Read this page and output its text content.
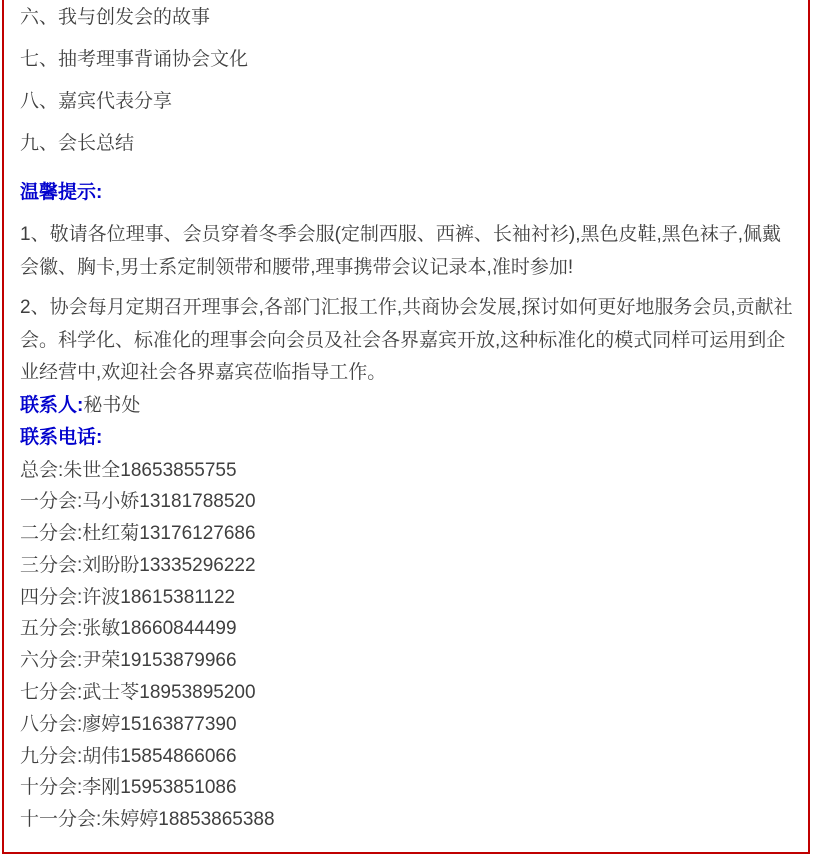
六、我与创发会的故事

七、抽考理事背诵协会文化

八、嘉宾代表分享

九、会长总结

温馨提示:

1、敬请各位理事、会员穿着冬季会服(定制西服、西裤、长袖衬衫),黑色皮鞋,黑色袜子,佩戴会徽、胸卡,男士系定制领带和腰带,理事携带会议记录本,准时参加!

2、协会每月定期召开理事会,各部门汇报工作,共商协会发展,探讨如何更好地服务会员,贡献社会。科学化、标准化的理事会向会员及社会各界嘉宾开放,这种标准化的模式同样可运用到企业经营中,欢迎社会各界嘉宾莅临指导工作。

联系人:秘书处

联系电话:

总会:朱世全18653855755

一分会:马小娇13181788520

二分会:杜红菊13176127686

三分会:刘盼盼13335296222

四分会:许波18615381122

五分会:张敏18660844499

六分会:尹荣19153879966

七分会:武士苓18953895200

八分会:廖婷15163877390

九分会:胡伟15854866066

十分会:李刚15953851086

十一分会:朱婷婷18853865388
